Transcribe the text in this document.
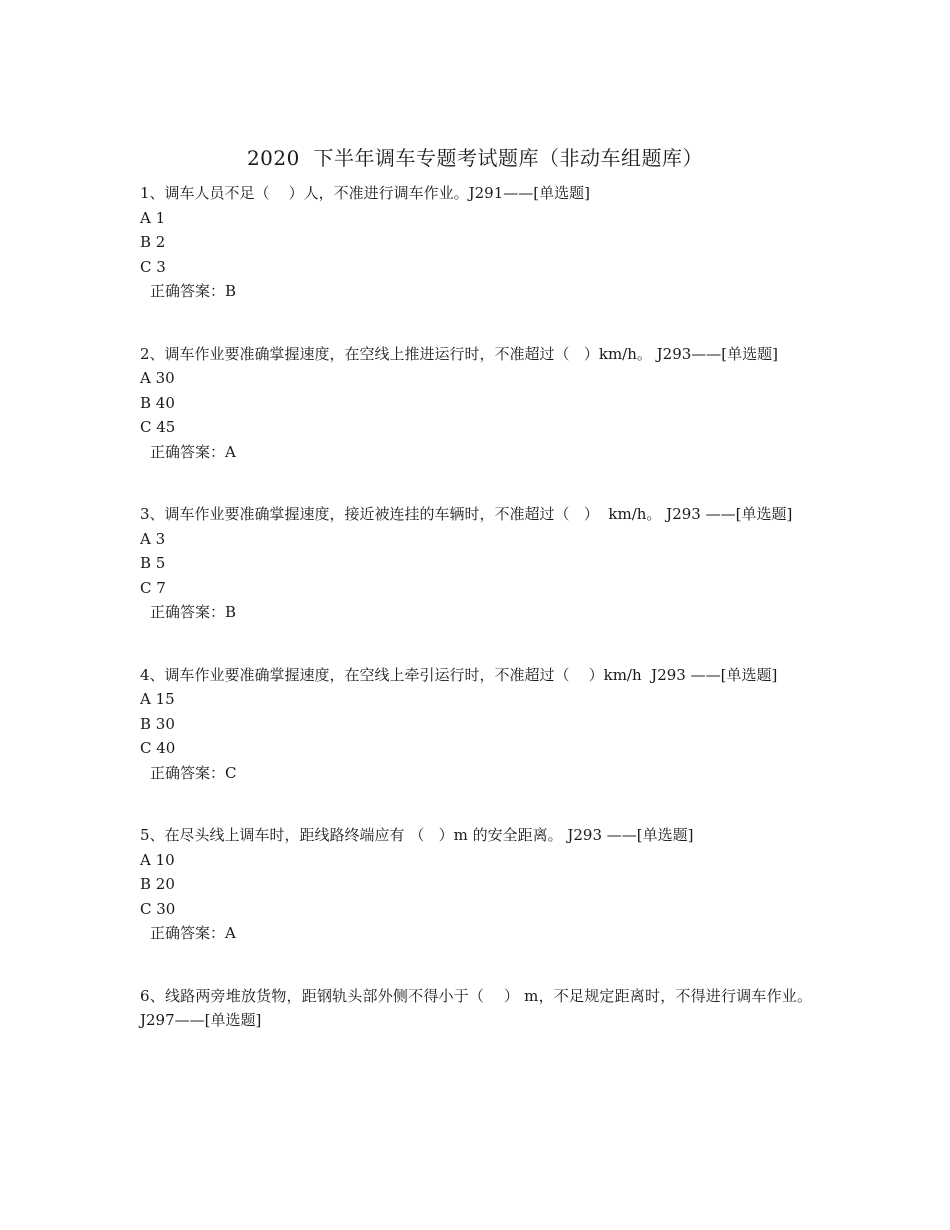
2020  下半年调车专题考试题库（非动车组题库）
1、调车人员不足（    ）人，不准进行调车作业。J291——[单选题]
A 1
B 2
C 3
正确答案：B
2、调车作业要准确掌握速度，在空线上推进运行时，不准超过（   ）km/h。 J293——[单选题]
A 30
B 40
C 45
正确答案：A
3、调车作业要准确掌握速度，接近被连挂的车辆时，不准超过（   ）  km/h。 J293 ——[单选题]
A 3
B 5
C 7
正确答案：B
4、调车作业要准确掌握速度，在空线上牵引运行时，不准超过（    ）km/h  J293 ——[单选题]
A 15
B 30
C 40
正确答案：C
5、在尽头线上调车时，距线路终端应有 （   ）m 的安全距离。 J293 ——[单选题]
A 10
B 20
C 30
正确答案：A
6、线路两旁堆放货物，距钢轨头部外侧不得小于（    ） m，不足规定距离时，不得进行调车作业。 J297——[单选题]
